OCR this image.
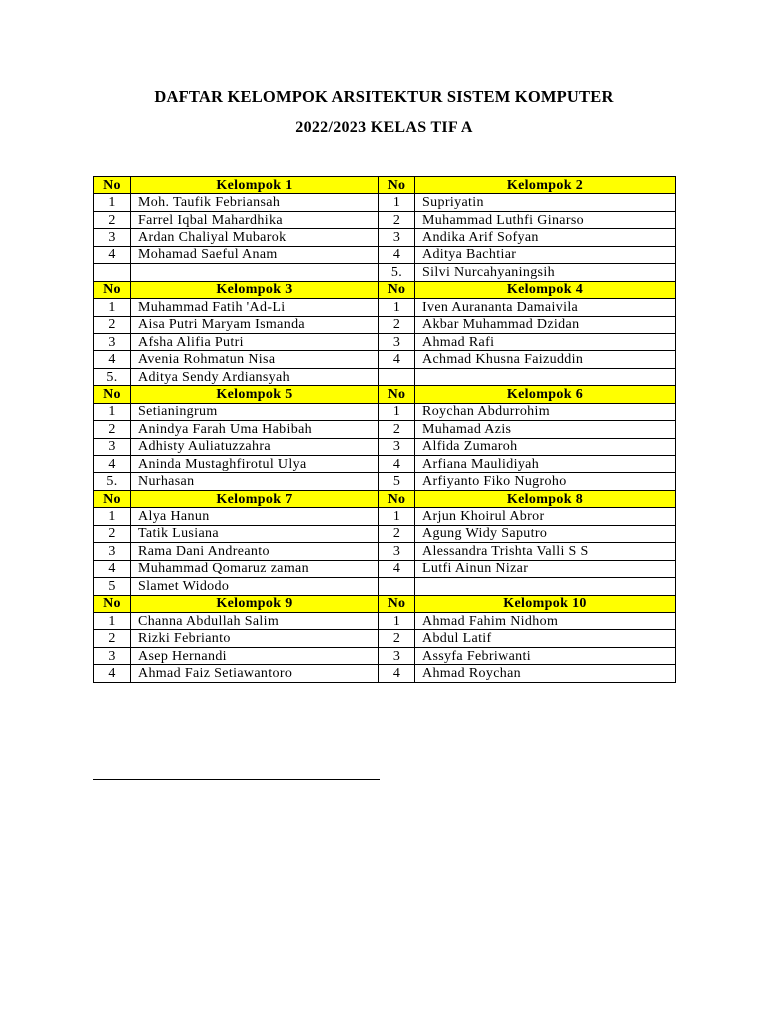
DAFTAR KELOMPOK ARSITEKTUR SISTEM KOMPUTER
2022/2023 KELAS TIF A
No	Kelompok 1	No	Kelompok 2
1	Moh. Taufik Febriansah	1	Supriyatin
2	Farrel Iqbal Mahardhika	2	Muhammad Luthfi Ginarso
3	Ardan Chaliyal Mubarok	3	Andika Arif Sofyan
4	Mohamad Saeful Anam	4	Aditya Bachtiar
		5.	Silvi Nurcahyaningsih
No	Kelompok 3	No	Kelompok 4
1	Muhammad Fatih 'Ad-Li	1	Iven Aurananta Damaivila
2	Aisa Putri Maryam Ismanda	2	Akbar Muhammad Dzidan
3	Afsha Alifia Putri	3	Ahmad Rafi
4	Avenia Rohmatun Nisa	4	Achmad Khusna Faizuddin
5.	Aditya Sendy Ardiansyah		
No	Kelompok 5	No	Kelompok 6
1	Setianingrum	1	Roychan Abdurrohim
2	Anindya Farah Uma Habibah	2	Muhamad Azis
3	Adhisty Auliatuzzahra	3	Alfida Zumaroh
4	Aninda Mustaghfirotul Ulya	4	Arfiana Maulidiyah
5.	Nurhasan	5	Arfiyanto Fiko Nugroho
No	Kelompok 7	No	Kelompok 8
1	Alya Hanun	1	Arjun Khoirul Abror
2	Tatik Lusiana	2	Agung Widy Saputro
3	Rama Dani Andreanto	3	Alessandra Trishta Valli S S
4	Muhammad Qomaruz zaman	4	Lutfi Ainun Nizar
5	Slamet Widodo		
No	Kelompok 9	No	Kelompok 10
1	Channa Abdullah Salim	1	Ahmad Fahim Nidhom
2	Rizki Febrianto	2	Abdul Latif
3	Asep Hernandi	3	Assyfa Febriwanti
4	Ahmad Faiz Setiawantoro	4	Ahmad Roychan
